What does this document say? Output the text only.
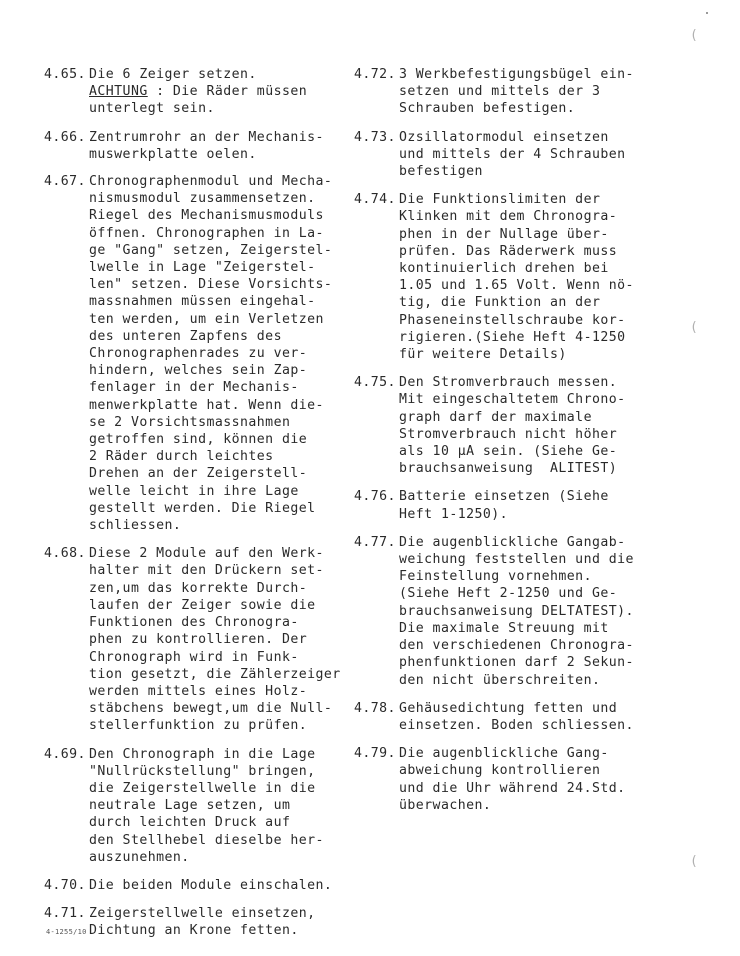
(
(
(
4.65. Die 6 Zeiger setzen.
ACHTUNG : Die Räder müssen
unterlegt sein.
4.66. Zentrumrohr an der Mechanis-
muswerkplatte oelen.
4.67. Chronographenmodul und Mecha-
nismusmodul zusammensetzen.
Riegel des Mechanismusmoduls
öffnen. Chronographen in La-
ge "Gang" setzen, Zeigerstel-
lwelle in Lage "Zeigerstel-
len" setzen. Diese Vorsichts-
massnahmen müssen eingehal-
ten werden, um ein Verletzen
des unteren Zapfens des
Chronographenrades zu ver-
hindern, welches sein Zap-
fenlager in der Mechanis-
menwerkplatte hat. Wenn die-
se 2 Vorsichtsmassnahmen
getroffen sind, können die
2 Räder durch leichtes
Drehen an der Zeigerstell-
welle leicht in ihre Lage
gestellt werden. Die Riegel
schliessen.
4.68. Diese 2 Module auf den Werk-
halter mit den Drückern set-
zen,um das korrekte Durch-
laufen der Zeiger sowie die
Funktionen des Chronogra-
phen zu kontrollieren. Der
Chronograph wird in Funk-
tion gesetzt, die Zählerzeiger
werden mittels eines Holz-
stäbchens bewegt,um die Null-
stellerfunktion zu prüfen.
4.69. Den Chronograph in die Lage
"Nullrückstellung" bringen,
die Zeigerstellwelle in die
neutrale Lage setzen, um
durch leichten Druck auf
den Stellhebel dieselbe her-
auszunehmen.
4.70. Die beiden Module einschalen.
4.71. Zeigerstellwelle einsetzen,
Dichtung an Krone fetten.
4.72. 3 Werkbefestigungsbügel ein-
setzen und mittels der 3
Schrauben befestigen.
4.73. Ozsillatormodul einsetzen
und mittels der 4 Schrauben
befestigen
4.74. Die Funktionslimiten der
Klinken mit dem Chronogra-
phen in der Nullage über-
prüfen. Das Räderwerk muss
kontinuierlich drehen bei
1.05 und 1.65 Volt. Wenn nö-
tig, die Funktion an der
Phaseneinstellschraube kor-
rigieren.(Siehe Heft 4-1250
für weitere Details)
4.75. Den Stromverbrauch messen.
Mit eingeschaltetem Chrono-
graph darf der maximale
Stromverbrauch nicht höher
als 10 µA sein. (Siehe Ge-
brauchsanweisung  ALITEST)
4.76. Batterie einsetzen (Siehe
Heft 1-1250).
4.77. Die augenblickliche Gangab-
weichung feststellen und die
Feinstellung vornehmen.
(Siehe Heft 2-1250 und Ge-
brauchsanweisung DELTATEST).
Die maximale Streuung mit
den verschiedenen Chronogra-
phenfunktionen darf 2 Sekun-
den nicht überschreiten.
4.78. Gehäusedichtung fetten und
einsetzen. Boden schliessen.
4.79. Die augenblickliche Gang-
abweichung kontrollieren
und die Uhr während 24.Std.
überwachen.
4-1255/10
